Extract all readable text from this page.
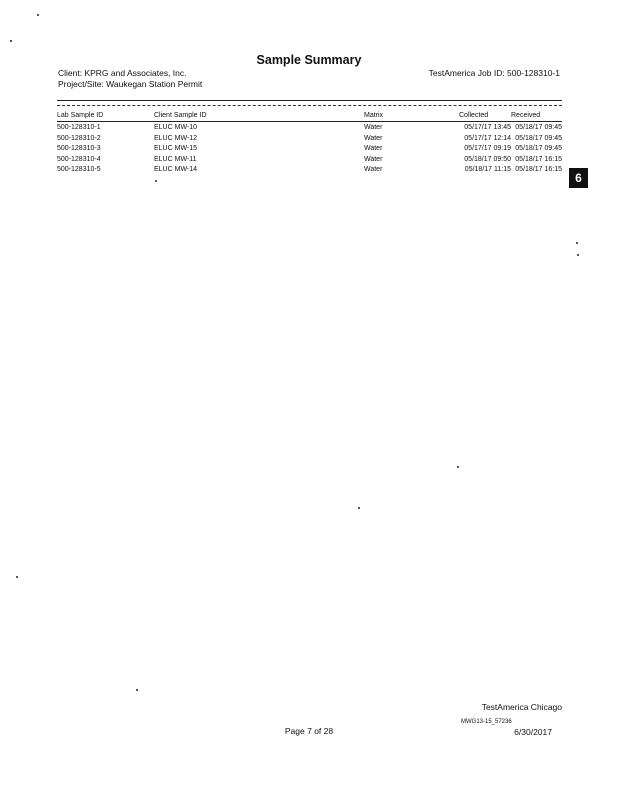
Sample Summary
Client: KPRG and Associates, Inc.
Project/Site: Waukegan Station Permit
TestAmerica Job ID: 500-128310-1
Lab Sample ID	Client Sample ID	Matrix	Collected	Received
500-128310-1	ELUC MW-10	Water	05/17/17 13:45	05/18/17 09:45
500-128310-2	ELUC MW-12	Water	05/17/17 12:14	05/18/17 09:45
500-128310-3	ELUC MW-15	Water	05/17/17 09:19	05/18/17 09:45
500-128310-4	ELUC MW-11	Water	05/18/17 09:50	05/18/17 16:15
500-128310-5	ELUC MW-14	Water	05/18/17 11:15	05/18/17 16:15
6
TestAmerica Chicago
MWG13-15_57236
Page 7 of 28	6/30/2017
